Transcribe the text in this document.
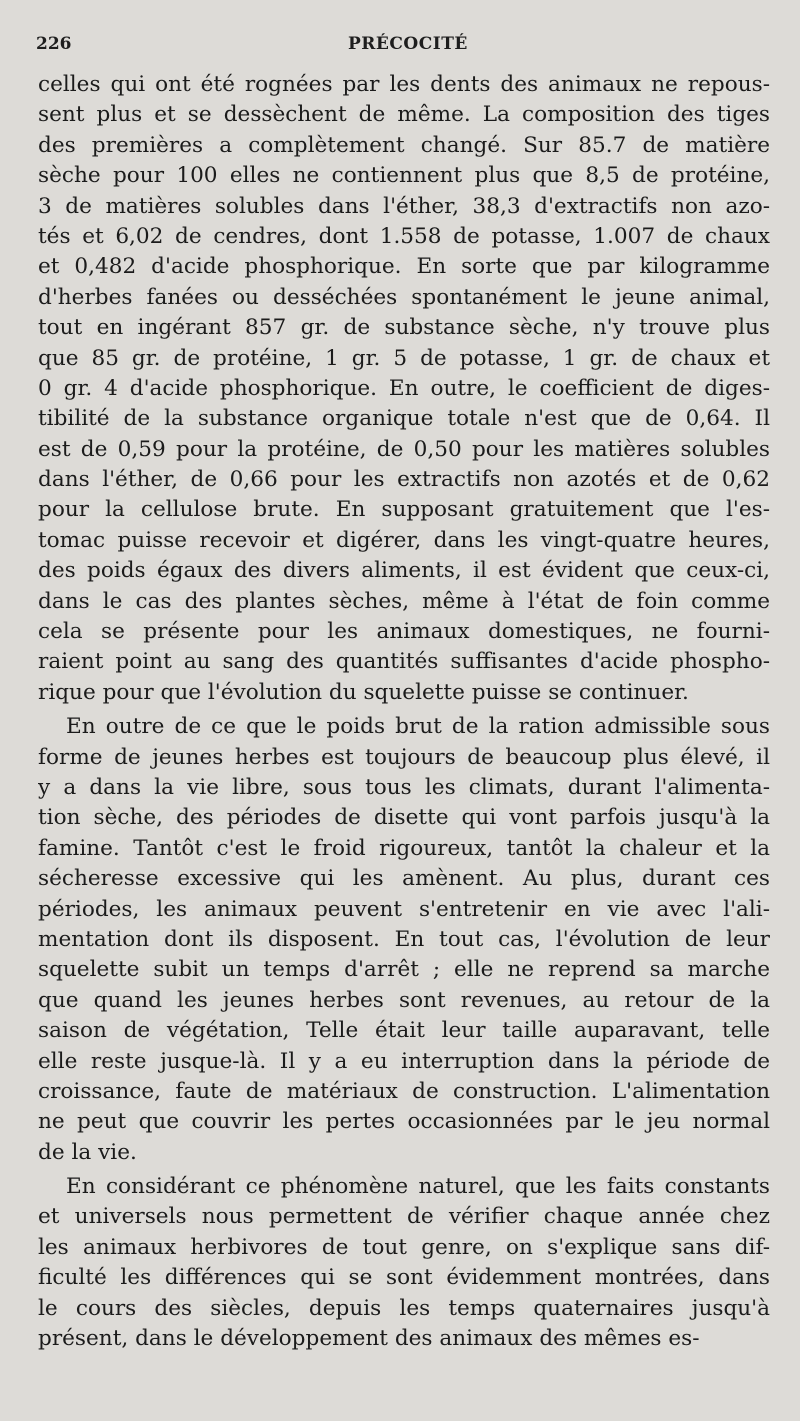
226	PRÉCOCITÉ
celles qui ont été rognées par les dents des animaux ne repous-
sent plus et se dessèchent de même. La composition des tiges
des premières a complètement changé. Sur 85.7 de matière
sèche pour 100 elles ne contiennent plus que 8,5 de protéine,
3 de matières solubles dans l'éther, 38,3 d'extractifs non azo-
tés et 6,02 de cendres, dont 1.558 de potasse, 1.007 de chaux
et 0,482 d'acide phosphorique. En sorte que par kilogramme
d'herbes fanées ou desséchées spontanément le jeune animal,
tout en ingérant 857 gr. de substance sèche, n'y trouve plus
que 85 gr. de protéine, 1 gr. 5 de potasse, 1 gr. de chaux et
0 gr. 4 d'acide phosphorique. En outre, le coefficient de diges-
tibilité de la substance organique totale n'est que de 0,64. Il
est de 0,59 pour la protéine, de 0,50 pour les matières solubles
dans l'éther, de 0,66 pour les extractifs non azotés et de 0,62
pour la cellulose brute. En supposant gratuitement que l'es-
tomac puisse recevoir et digérer, dans les vingt-quatre heures,
des poids égaux des divers aliments, il est évident que ceux-ci,
dans le cas des plantes sèches, même à l'état de foin comme
cela se présente pour les animaux domestiques, ne fourni-
raient point au sang des quantités suffisantes d'acide phospho-
rique pour que l'évolution du squelette puisse se continuer.
En outre de ce que le poids brut de la ration admissible sous
forme de jeunes herbes est toujours de beaucoup plus élevé, il
y a dans la vie libre, sous tous les climats, durant l'alimenta-
tion sèche, des périodes de disette qui vont parfois jusqu'à la
famine. Tantôt c'est le froid rigoureux, tantôt la chaleur et la
sécheresse excessive qui les amènent. Au plus, durant ces
périodes, les animaux peuvent s'entretenir en vie avec l'ali-
mentation dont ils disposent. En tout cas, l'évolution de leur
squelette subit un temps d'arrêt ; elle ne reprend sa marche
que quand les jeunes herbes sont revenues, au retour de la
saison de végétation, Telle était leur taille auparavant, telle
elle reste jusque-là. Il y a eu interruption dans la période de
croissance, faute de matériaux de construction. L'alimentation
ne peut que couvrir les pertes occasionnées par le jeu normal
de la vie.
En considérant ce phénomène naturel, que les faits constants
et universels nous permettent de vérifier chaque année chez
les animaux herbivores de tout genre, on s'explique sans dif-
ficulté les différences qui se sont évidemment montrées, dans
le cours des siècles, depuis les temps quaternaires jusqu'à
présent, dans le développement des animaux des mêmes es-
